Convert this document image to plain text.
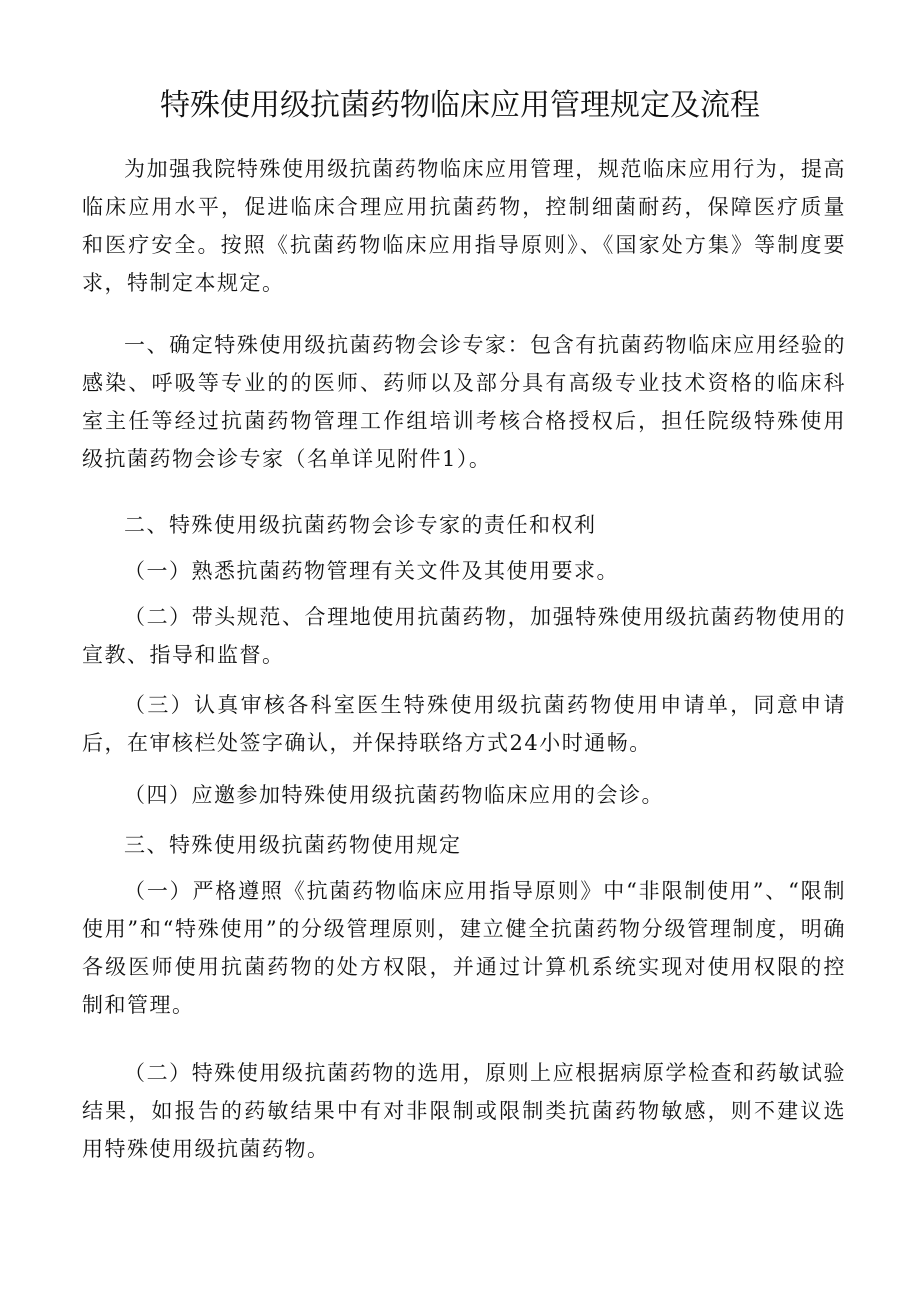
特殊使用级抗菌药物临床应用管理规定及流程

为加强我院特殊使用级抗菌药物临床应用管理，规范临床应用行为，提高临床应用水平，促进临床合理应用抗菌药物，控制细菌耐药，保障医疗质量和医疗安全。按照《抗菌药物临床应用指导原则》、《国家处方集》等制度要求，特制定本规定。

一、确定特殊使用级抗菌药物会诊专家：包含有抗菌药物临床应用经验的感染、呼吸等专业的的医师、药师以及部分具有高级专业技术资格的临床科室主任等经过抗菌药物管理工作组培训考核合格授权后，担任院级特殊使用级抗菌药物会诊专家（名单详见附件1）。

二、特殊使用级抗菌药物会诊专家的责任和权利

（一）熟悉抗菌药物管理有关文件及其使用要求。

（二）带头规范、合理地使用抗菌药物，加强特殊使用级抗菌药物使用的宣教、指导和监督。

（三）认真审核各科室医生特殊使用级抗菌药物使用申请单，同意申请后，在审核栏处签字确认，并保持联络方式24小时通畅。

（四）应邀参加特殊使用级抗菌药物临床应用的会诊。

三、特殊使用级抗菌药物使用规定

（一）严格遵照《抗菌药物临床应用指导原则》中“非限制使用”、“限制使用”和“特殊使用”的分级管理原则，建立健全抗菌药物分级管理制度，明确各级医师使用抗菌药物的处方权限，并通过计算机系统实现对使用权限的控制和管理。

（二）特殊使用级抗菌药物的选用，原则上应根据病原学检查和药敏试验结果，如报告的药敏结果中有对非限制或限制类抗菌药物敏感，则不建议选用特殊使用级抗菌药物。
